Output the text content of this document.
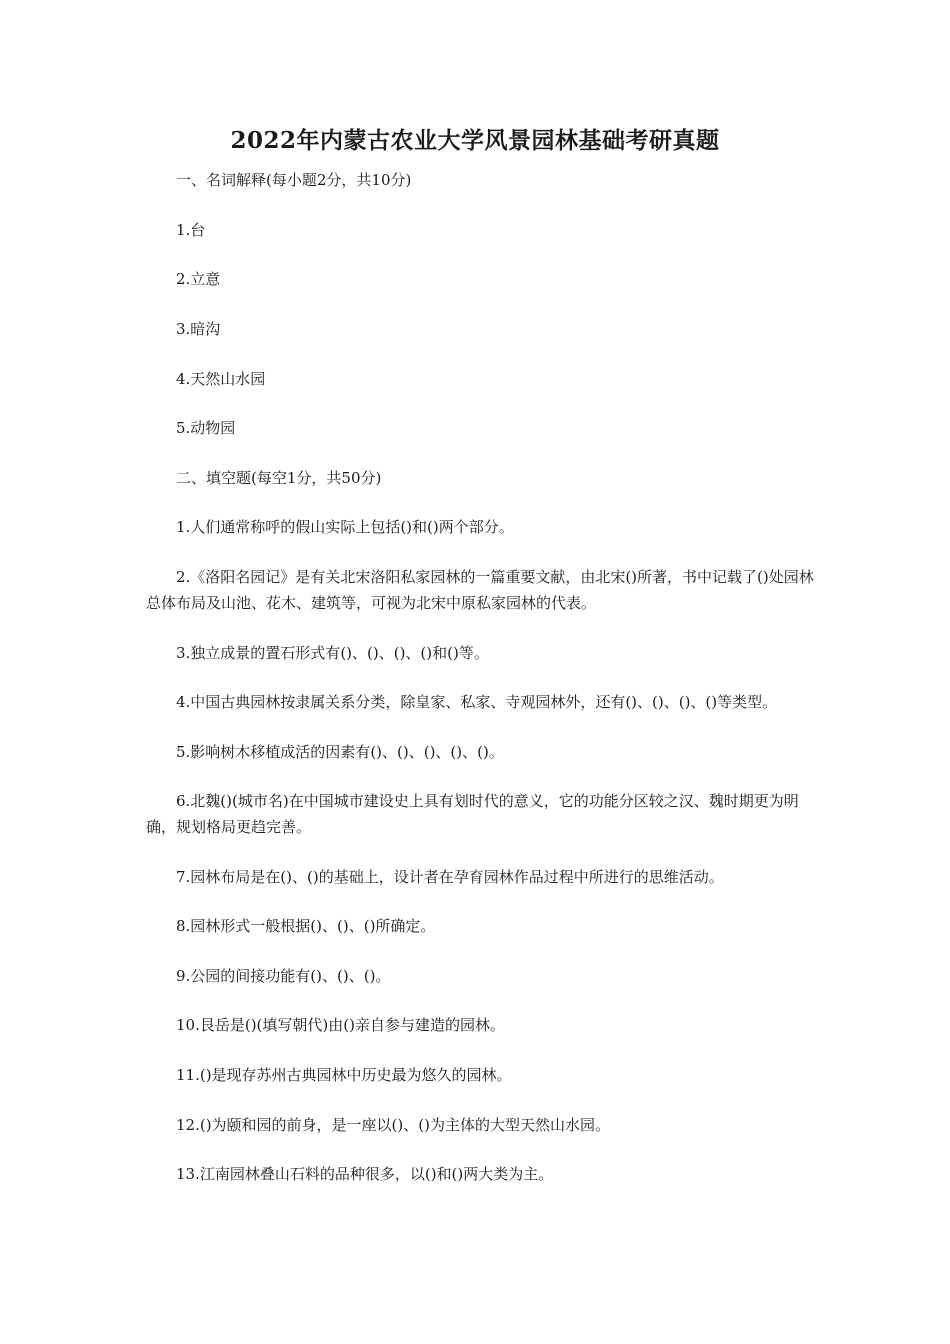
2022年内蒙古农业大学风景园林基础考研真题
一、名词解释(每小题2分，共10分)
1.台
2.立意
3.暗沟
4.天然山水园
5.动物园
二、填空题(每空1分，共50分)
1.人们通常称呼的假山实际上包括()和()两个部分。
2.《洛阳名园记》是有关北宋洛阳私家园林的一篇重要文献，由北宋()所著，书中记载了()处园林总体布局及山池、花木、建筑等，可视为北宋中原私家园林的代表。
3.独立成景的置石形式有()、()、()、()和()等。
4.中国古典园林按隶属关系分类，除皇家、私家、寺观园林外，还有()、()、()、()等类型。
5.影响树木移植成活的因素有()、()、()、()、()。
6.北魏()(城市名)在中国城市建设史上具有划时代的意义，它的功能分区较之汉、魏时期更为明确，规划格局更趋完善。
7.园林布局是在()、()的基础上，设计者在孕育园林作品过程中所进行的思维活动。
8.园林形式一般根据()、()、()所确定。
9.公园的间接功能有()、()、()。
10.艮岳是()(填写朝代)由()亲自参与建造的园林。
11.()是现存苏州古典园林中历史最为悠久的园林。
12.()为颐和园的前身，是一座以()、()为主体的大型天然山水园。
13.江南园林叠山石料的品种很多，以()和()两大类为主。
